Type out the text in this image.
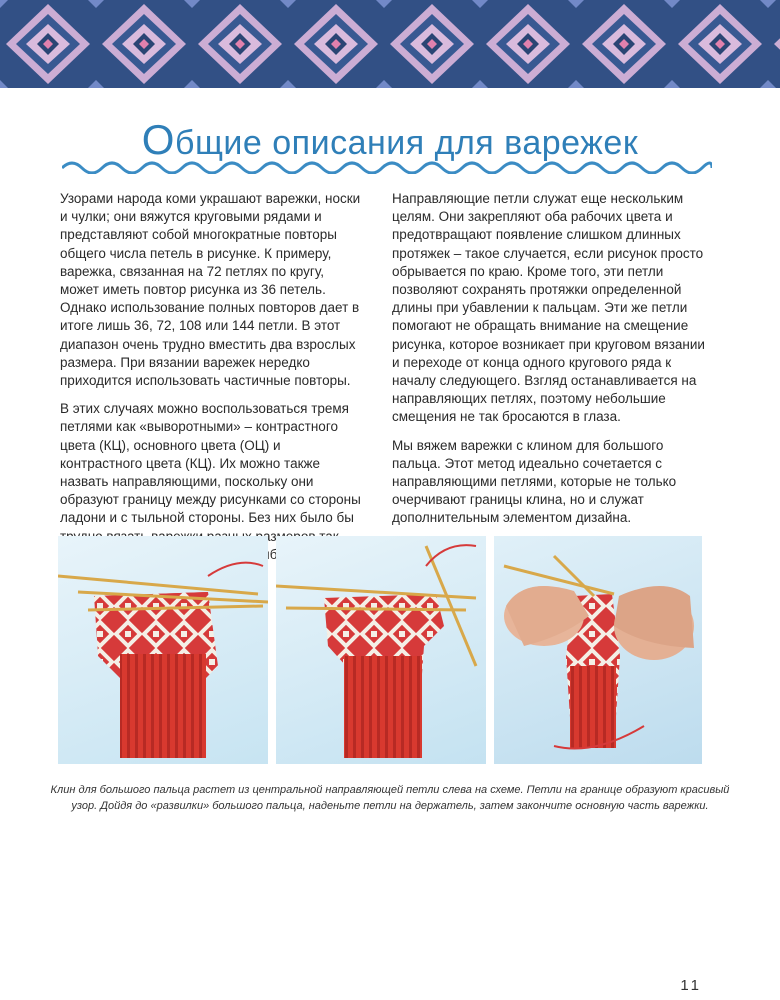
Общие описания для варежек

Узорами народа коми украшают варежки, носки и чулки; они вяжутся круговыми рядами и представляют собой многократные повторы общего числа петель в рисунке. К примеру, варежка, связанная на 72 петлях по кругу, может иметь повтор рисунка из 36 петель. Однако использование полных повторов дает в итоге лишь 36, 72, 108 или 144 петли. В этот диапазон очень трудно вместить два взрослых размера. При вязании варежек нередко приходится использовать частичные повторы.

В этих случаях можно воспользоваться тремя петлями как «выворотными» – контрастного цвета (КЦ), основного цвета (ОЦ) и контрастного цвета (КЦ). Их можно также назвать направляющими, поскольку они образуют границу между рисунками со стороны ладони и с тыльной стороны. Без них было бы

Направляющие петли служат еще нескольким целям. Они закрепляют оба рабочих цвета и предотвращают появление слишком длинных протяжек – такое случается, если рисунок просто обрывается по краю. Кроме того, эти петли позволяют сохранять протяжки определенной длины при убавлении к пальцам. Эти же петли помогают не обращать внимание на смещение рисунка, которое возникает при круговом вязании и переходе от конца одного кругового ряда к началу следующего. Взгляд останавливается на направляющих петлях, поэтому небольшие смещения не так бросаются в глаза.

Мы вяжем варежки с клином для большого пальца. Этот метод идеально сочетается с направляющими петлями, которые не только очерчивают границы клина, но и служат дополнительным элементом дизайна.

Клин для большого пальца растет из центральной направляющей петли слева на схеме. Петли на границе образуют красивый узор. Дойдя до «развилки» большого пальца, наденьте петли на держатель, затем закончите основную часть варежки.
11
